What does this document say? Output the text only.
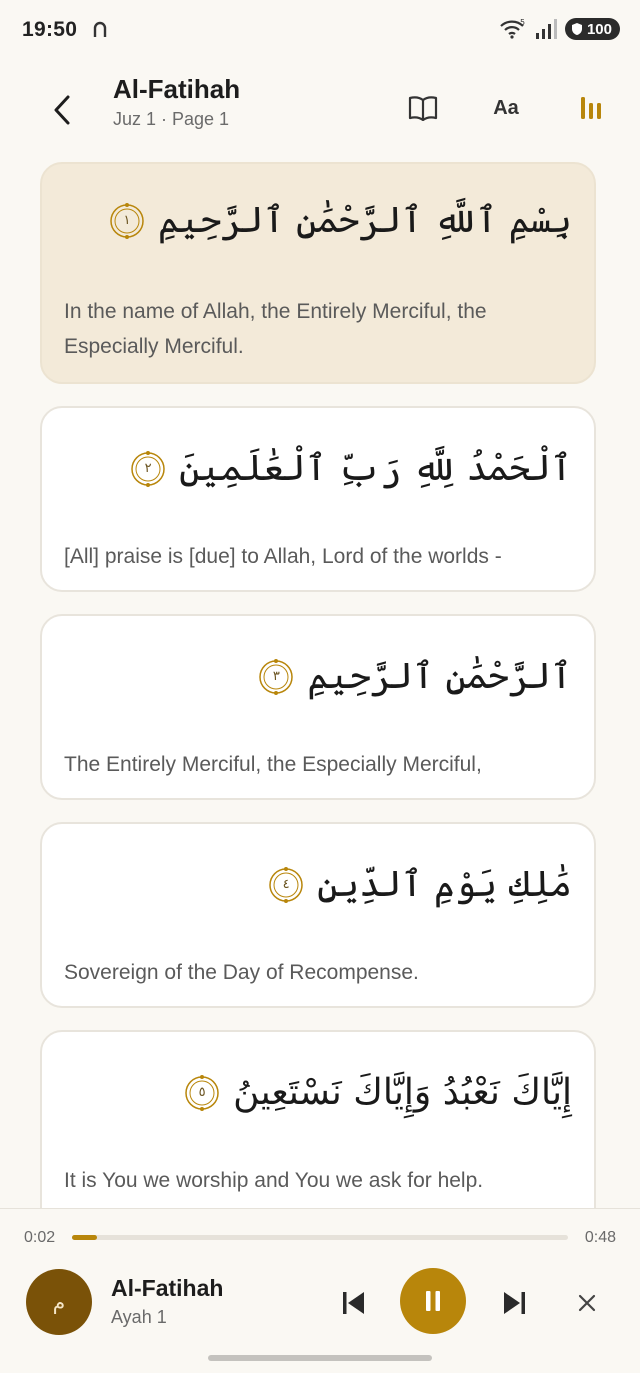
19:50	5	100
Al-Fatihah
Juz 1 · Page 1
Aa
بِسْمِ ٱللَّهِ ٱلرَّحْمَٰنِ ٱلرَّحِيمِ
١
In the name of Allah, the Entirely Merciful, the Especially Merciful.
ٱلْحَمْدُ لِلَّهِ رَبِّ ٱلْعَٰلَمِينَ
٢
[All] praise is [due] to Allah, Lord of the worlds -
ٱلرَّحْمَٰنِ ٱلرَّحِيمِ
٣
The Entirely Merciful, the Especially Merciful,
مَٰلِكِ يَوْمِ ٱلدِّينِ
٤
Sovereign of the Day of Recompense.
إِيَّاكَ نَعْبُدُ وَإِيَّاكَ نَسْتَعِينُ
٥
It is You we worship and You we ask for help.
0:02	0:48
م
Al-Fatihah
Ayah 1
